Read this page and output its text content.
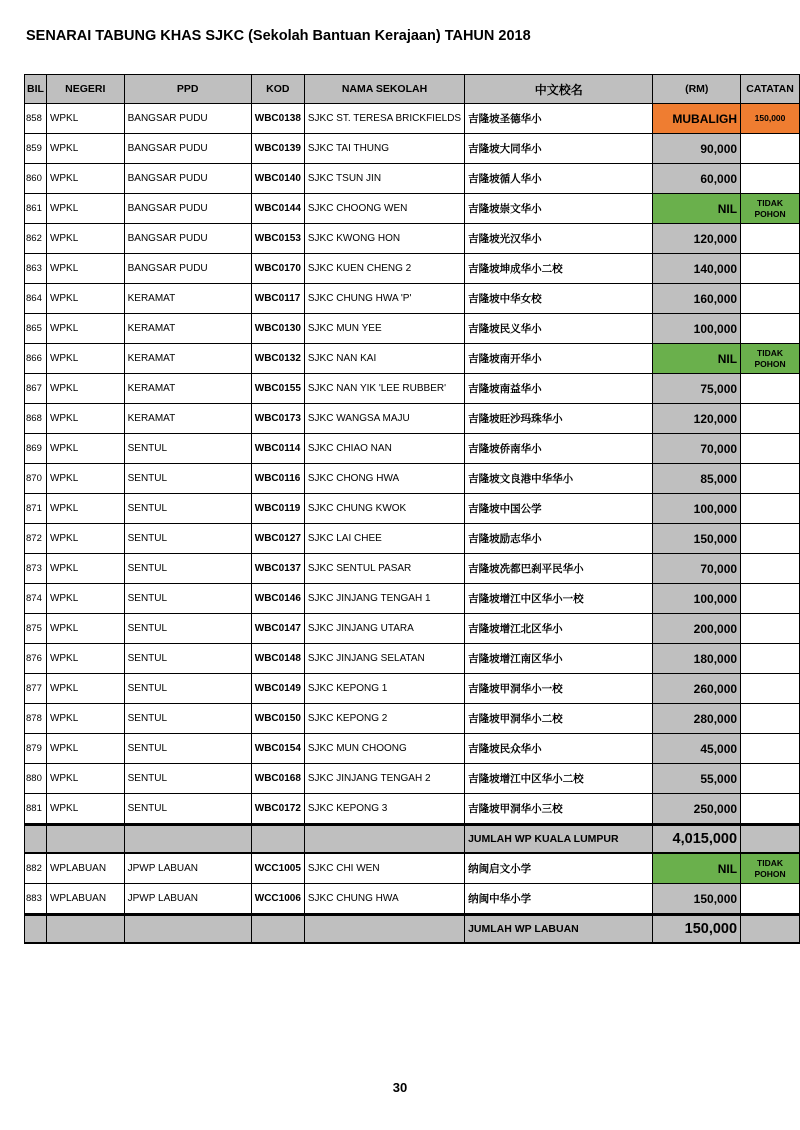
SENARAI TABUNG KHAS SJKC (Sekolah Bantuan Kerajaan) TAHUN 2018
BIL	NEGERI	PPD	KOD	NAMA SEKOLAH	中文校名	(RM)	CATATAN
858	WPKL	BANGSAR PUDU	WBC0138	SJKC ST. TERESA BRICKFIELDS	吉隆坡圣德华小	MUBALIGH	150,000
859	WPKL	BANGSAR PUDU	WBC0139	SJKC TAI THUNG	吉隆坡大同华小	90,000	
860	WPKL	BANGSAR PUDU	WBC0140	SJKC TSUN JIN	吉隆坡循人华小	60,000	
861	WPKL	BANGSAR PUDU	WBC0144	SJKC CHOONG WEN	吉隆坡崇文华小	NIL	TIDAK
POHON
862	WPKL	BANGSAR PUDU	WBC0153	SJKC KWONG HON	吉隆坡光汉华小	120,000	
863	WPKL	BANGSAR PUDU	WBC0170	SJKC KUEN CHENG 2	吉隆坡坤成华小二校	140,000	
864	WPKL	KERAMAT	WBC0117	SJKC CHUNG HWA 'P'	吉隆坡中华女校	160,000	
865	WPKL	KERAMAT	WBC0130	SJKC MUN YEE	吉隆坡民义华小	100,000	
866	WPKL	KERAMAT	WBC0132	SJKC NAN KAI	吉隆坡南开华小	NIL	TIDAK
POHON
867	WPKL	KERAMAT	WBC0155	SJKC NAN YIK 'LEE RUBBER'	吉隆坡南益华小	75,000	
868	WPKL	KERAMAT	WBC0173	SJKC WANGSA MAJU	吉隆坡旺沙玛珠华小	120,000	
869	WPKL	SENTUL	WBC0114	SJKC CHIAO NAN	吉隆坡侨南华小	70,000	
870	WPKL	SENTUL	WBC0116	SJKC CHONG HWA	吉隆坡文良港中华华小	85,000	
871	WPKL	SENTUL	WBC0119	SJKC CHUNG KWOK	吉隆坡中国公学	100,000	
872	WPKL	SENTUL	WBC0127	SJKC LAI CHEE	吉隆坡励志华小	150,000	
873	WPKL	SENTUL	WBC0137	SJKC SENTUL PASAR	吉隆坡冼都巴刹平民华小	70,000	
874	WPKL	SENTUL	WBC0146	SJKC JINJANG TENGAH 1	吉隆坡增江中区华小一校	100,000	
875	WPKL	SENTUL	WBC0147	SJKC JINJANG UTARA	吉隆坡增江北区华小	200,000	
876	WPKL	SENTUL	WBC0148	SJKC JINJANG SELATAN	吉隆坡增江南区华小	180,000	
877	WPKL	SENTUL	WBC0149	SJKC KEPONG 1	吉隆坡甲洞华小一校	260,000	
878	WPKL	SENTUL	WBC0150	SJKC KEPONG 2	吉隆坡甲洞华小二校	280,000	
879	WPKL	SENTUL	WBC0154	SJKC MUN CHOONG	吉隆坡民众华小	45,000	
880	WPKL	SENTUL	WBC0168	SJKC JINJANG TENGAH 2	吉隆坡增江中区华小二校	55,000	
881	WPKL	SENTUL	WBC0172	SJKC KEPONG 3	吉隆坡甲洞华小三校	250,000	
					JUMLAH WP KUALA LUMPUR	4,015,000	
882	WPLABUAN	JPWP LABUAN	WCC1005	SJKC CHI WEN	纳闽启文小学	NIL	TIDAK
POHON
883	WPLABUAN	JPWP LABUAN	WCC1006	SJKC CHUNG HWA	纳闽中华小学	150,000	
					JUMLAH WP LABUAN	150,000	
30
